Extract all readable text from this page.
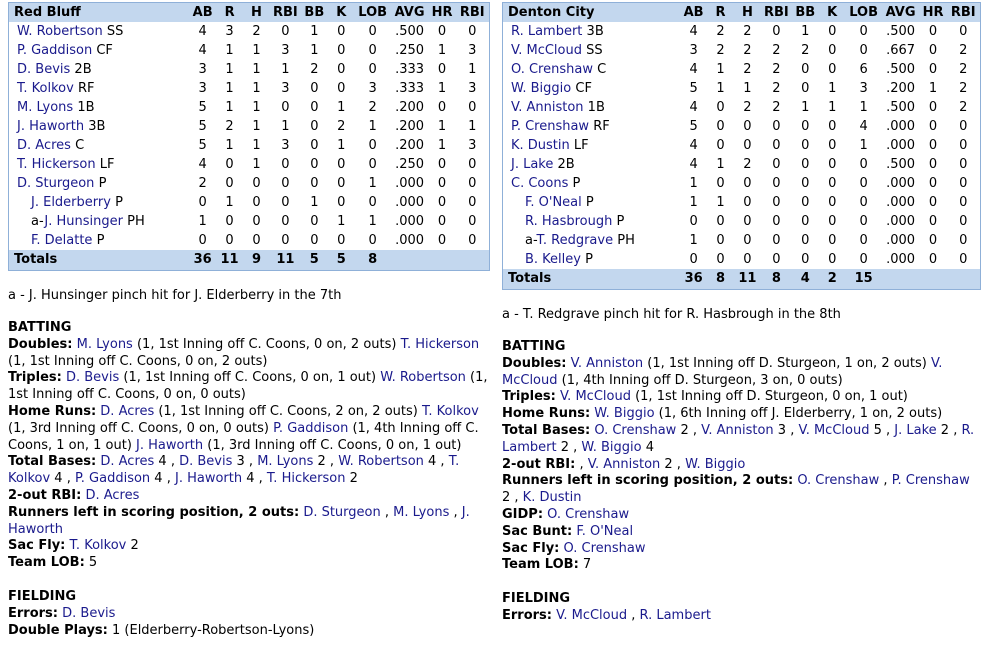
Red Bluff	AB	R	H	RBI	BB	K	LOB	AVG	HR	RBI
W. Robertson SS	4	3	2	0	1	0	0	.500	0	0
P. Gaddison CF	4	1	1	3	1	0	0	.250	1	3
D. Bevis 2B	3	1	1	1	2	0	0	.333	0	1
T. Kolkov RF	3	1	1	3	0	0	3	.333	1	3
M. Lyons 1B	5	1	1	0	0	1	2	.200	0	0
J. Haworth 3B	5	2	1	1	0	2	1	.200	1	1
D. Acres C	5	1	1	3	0	1	0	.200	1	3
T. Hickerson LF	4	0	1	0	0	0	0	.250	0	0
D. Sturgeon P	2	0	0	0	0	0	1	.000	0	0
J. Elderberry P	0	1	0	0	1	0	0	.000	0	0
a-J. Hunsinger PH	1	0	0	0	0	1	1	.000	0	0
F. Delatte P	0	0	0	0	0	0	0	.000	0	0
Totals	36	11	9	11	5	5	8			
a - J. Hunsinger pinch hit for J. Elderberry in the 7th
BATTING
Doubles: M. Lyons (1, 1st Inning off C. Coons, 0 on, 2 outs) T. Hickerson (1, 1st Inning off C. Coons, 0 on, 2 outs)
Triples: D. Bevis (1, 1st Inning off C. Coons, 0 on, 1 out) W. Robertson (1, 1st Inning off C. Coons, 0 on, 0 outs)
Home Runs: D. Acres (1, 1st Inning off C. Coons, 2 on, 2 outs) T. Kolkov (1, 3rd Inning off C. Coons, 0 on, 0 outs) P. Gaddison (1, 4th Inning off C. Coons, 1 on, 1 out) J. Haworth (1, 3rd Inning off C. Coons, 0 on, 1 out)
Total Bases: D. Acres 4 , D. Bevis 3 , M. Lyons 2 , W. Robertson 4 , T. Kolkov 4 , P. Gaddison 4 , J. Haworth 4 , T. Hickerson 2
2-out RBI: D. Acres
Runners left in scoring position, 2 outs: D. Sturgeon , M. Lyons , J. Haworth
Sac Fly: T. Kolkov 2
Team LOB: 5
FIELDING
Errors: D. Bevis
Double Plays: 1 (Elderberry-Robertson-Lyons)
Denton City	AB	R	H	RBI	BB	K	LOB	AVG	HR	RBI
R. Lambert 3B	4	2	2	0	1	0	0	.500	0	0
V. McCloud SS	3	2	2	2	2	0	0	.667	0	2
O. Crenshaw C	4	1	2	2	0	0	6	.500	0	2
W. Biggio CF	5	1	1	2	0	1	3	.200	1	2
V. Anniston 1B	4	0	2	2	1	1	1	.500	0	2
P. Crenshaw RF	5	0	0	0	0	0	4	.000	0	0
K. Dustin LF	4	0	0	0	0	0	1	.000	0	0
J. Lake 2B	4	1	2	0	0	0	0	.500	0	0
C. Coons P	1	0	0	0	0	0	0	.000	0	0
F. O'Neal P	1	1	0	0	0	0	0	.000	0	0
R. Hasbrough P	0	0	0	0	0	0	0	.000	0	0
a-T. Redgrave PH	1	0	0	0	0	0	0	.000	0	0
B. Kelley P	0	0	0	0	0	0	0	.000	0	0
Totals	36	8	11	8	4	2	15			
a - T. Redgrave pinch hit for R. Hasbrough in the 8th
BATTING
Doubles: V. Anniston (1, 1st Inning off D. Sturgeon, 1 on, 2 outs) V. McCloud (1, 4th Inning off D. Sturgeon, 3 on, 0 outs)
Triples: V. McCloud (1, 1st Inning off D. Sturgeon, 0 on, 1 out)
Home Runs: W. Biggio (1, 6th Inning off J. Elderberry, 1 on, 2 outs)
Total Bases: O. Crenshaw 2 , V. Anniston 3 , V. McCloud 5 , J. Lake 2 , R. Lambert 2 , W. Biggio 4
2-out RBI: , V. Anniston 2 , W. Biggio
Runners left in scoring position, 2 outs: O. Crenshaw , P. Crenshaw 2 , K. Dustin
GIDP: O. Crenshaw
Sac Bunt: F. O'Neal
Sac Fly: O. Crenshaw
Team LOB: 7
FIELDING
Errors: V. McCloud , R. Lambert
